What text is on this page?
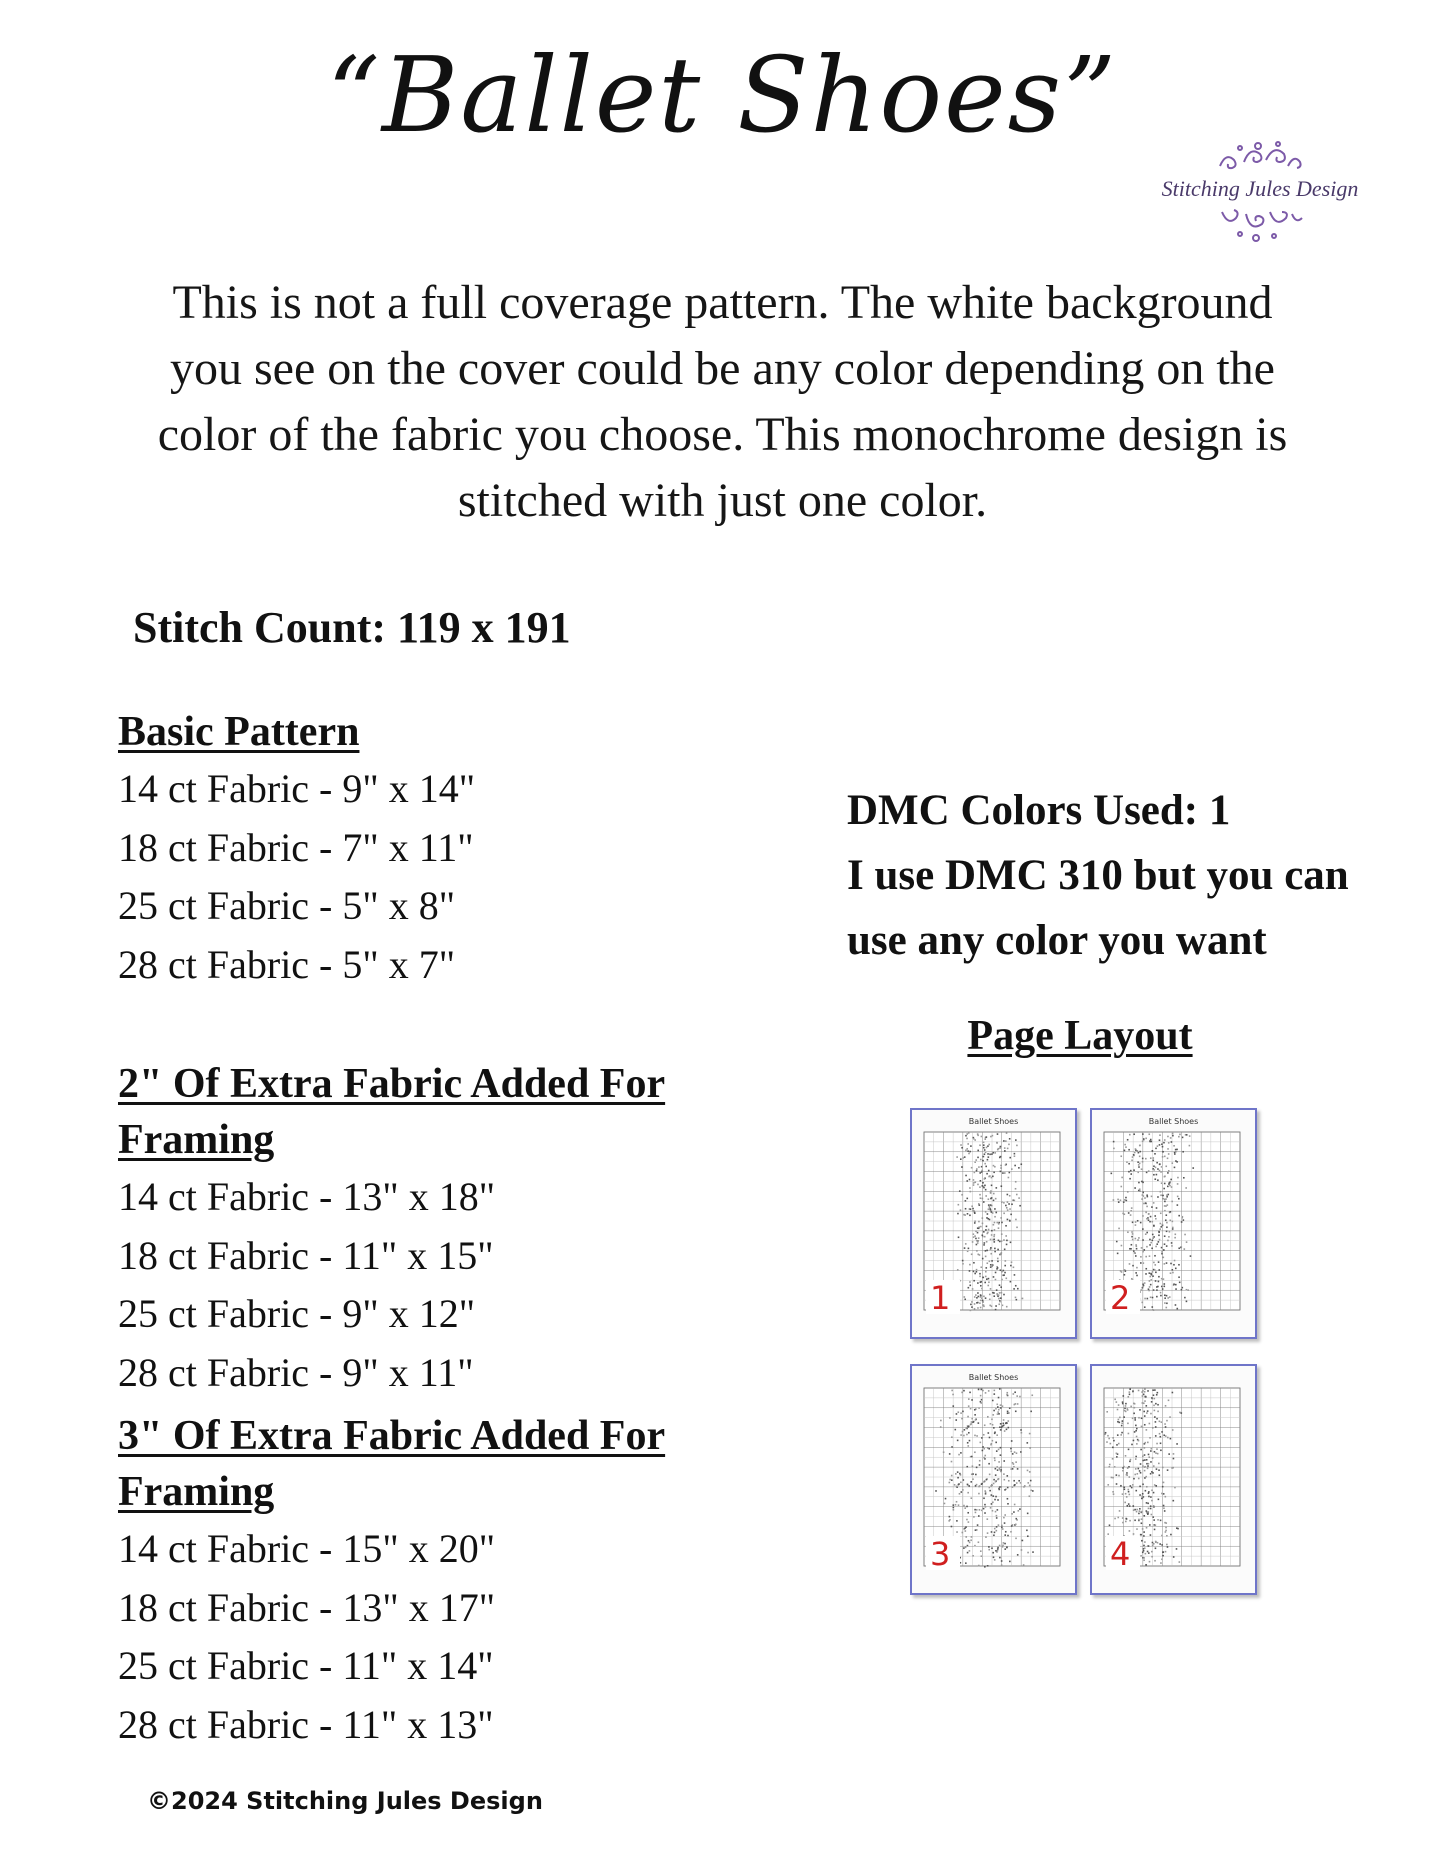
“Ballet Shoes”
Stitching Jules Design
This is not a full coverage pattern. The white background you see on the cover could be any color depending on the color of the fabric you choose. This monochrome design is stitched with just one color.
Stitch Count: 119 x 191
Basic Pattern
14 ct Fabric - 9" x 14"
18 ct Fabric - 7" x 11"
25 ct Fabric - 5" x 8"
28 ct Fabric - 5" x 7"
2" Of Extra Fabric Added For Framing
14 ct Fabric - 13" x 18"
18 ct Fabric - 11" x 15"
25 ct Fabric - 9" x 12"
28 ct Fabric - 9" x 11"
3" Of Extra Fabric Added For Framing
14 ct Fabric - 15" x 20"
18 ct Fabric - 13" x 17"
25 ct Fabric - 11" x 14"
28 ct Fabric - 11" x 13"
DMC Colors Used: 1
I use DMC 310 but you can
use any color you want
Page Layout
Ballet Shoes
1
Ballet Shoes
2
Ballet Shoes
3	4
©2024 Stitching Jules Design
